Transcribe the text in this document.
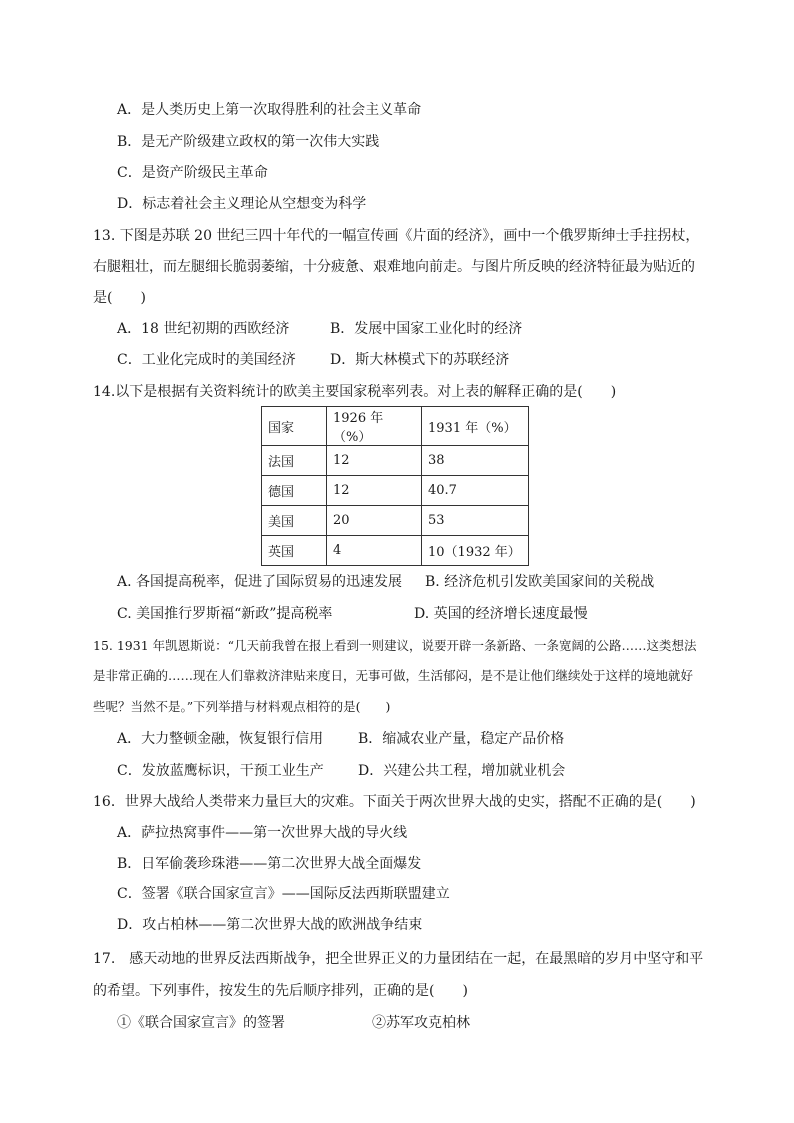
A．是人类历史上第一次取得胜利的社会主义革命
B．是无产阶级建立政权的第一次伟大实践
C．是资产阶级民主革命
D．标志着社会主义理论从空想变为科学
13. 下图是苏联 20 世纪三四十年代的一幅宣传画《片面的经济》，画中一个俄罗斯绅士手拄拐杖，
右腿粗壮，而左腿细长脆弱萎缩，十分疲惫、艰难地向前走。与图片所反映的经济特征最为贴近的
是(　　)
A．18 世纪初期的西欧经济	B．发展中国家工业化时的经济
C．工业化完成时的美国经济 D．斯大林模式下的苏联经济
14.以下是根据有关资料统计的欧美主要国家税率列表。对上表的解释正确的是(　　)
国家	1926 年（%）	1931 年（%）
法国	12	38
德国	12	40.7
美国	20	53
英国	4	10（1932 年）
A. 各国提高税率，促进了国际贸易的迅速发展 B. 经济危机引发欧美国家间的关税战
C. 美国推行罗斯福“新政”提高税率	D. 英国的经济增长速度最慢
15. 1931 年凯恩斯说：“几天前我曾在报上看到一则建议，说要开辟一条新路、一条宽阔的公路……这类想法
是非常正确的……现在人们靠救济津贴来度日，无事可做，生活郁闷，是不是让他们继续处于这样的境地就好
些呢？当然不是。”下列举措与材料观点相符的是(　　)
A．大力整顿金融，恢复银行信用 B．缩减农业产量，稳定产品价格
C．发放蓝鹰标识，干预工业生产 D．兴建公共工程，增加就业机会
16．世界大战给人类带来力量巨大的灾难。下面关于两次世界大战的史实，搭配不正确的是(　　)
A．萨拉热窝事件——第一次世界大战的导火线
B．日军偷袭珍珠港——第二次世界大战全面爆发
C．签署《联合国家宣言》——国际反法西斯联盟建立
D．攻占柏林——第二次世界大战的欧洲战争结束
17.　感天动地的世界反法西斯战争，把全世界正义的力量团结在一起，在最黑暗的岁月中坚守和平
的希望。下列事件，按发生的先后顺序排列，正确的是(　　)
①《联合国家宣言》的签署	②苏军攻克柏林
